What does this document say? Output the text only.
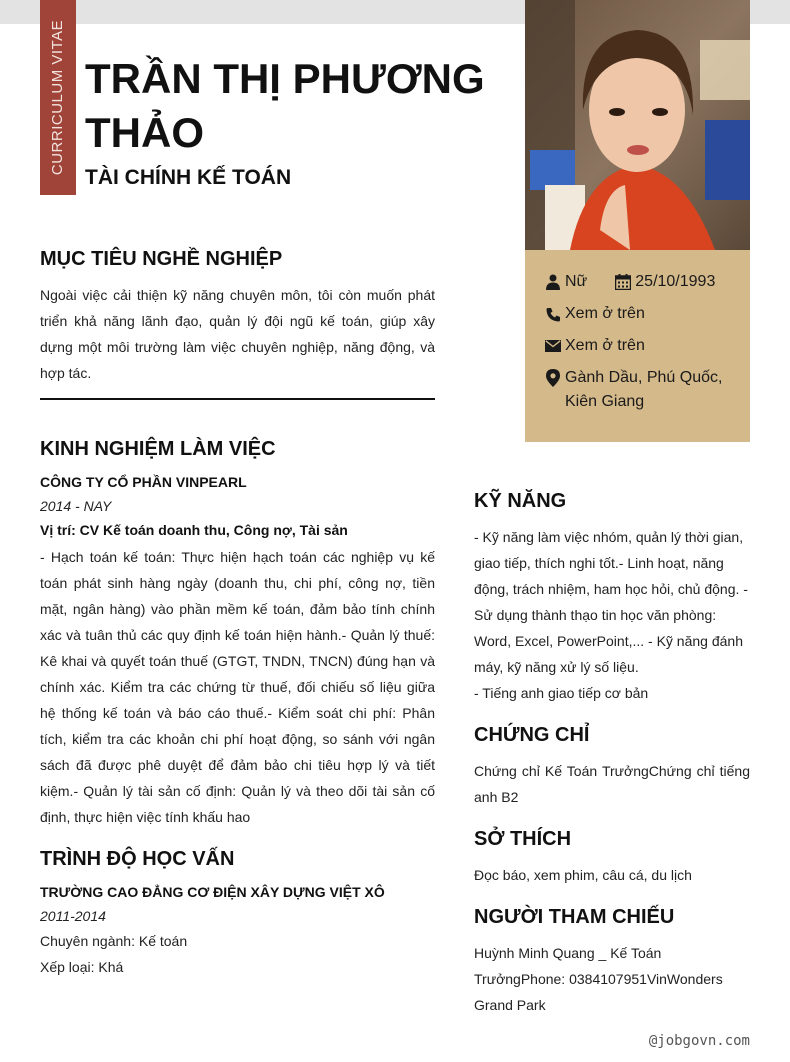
CURRICULUM VITAE TRẦN THỊ PHƯƠNG THẢO
TÀI CHÍNH KẾ TOÁN
Nữ	25/10/1993
Xem ở trên
Xem ở trên
Gành Dầu, Phú Quốc, Kiên Giang
MỤC TIÊU NGHỀ NGHIỆP

Ngoài việc cải thiện kỹ năng chuyên môn, tôi còn muốn phát triển khả năng lãnh đạo, quản lý đội ngũ kế toán, giúp xây dựng một môi trường làm việc chuyên nghiệp, năng động, và hợp tác.

KINH NGHIỆM LÀM VIỆC

CÔNG TY CỔ PHẦN VINPEARL

2014 - NAY

Vị trí: CV Kế toán doanh thu, Công nợ, Tài sản

- Hạch toán kế toán: Thực hiện hạch toán các nghiệp vụ kế toán phát sinh hàng ngày (doanh thu, chi phí, công nợ, tiền mặt, ngân hàng) vào phần mềm kế toán, đảm bảo tính chính xác và tuân thủ các quy định kế toán hiện hành.- Quản lý thuế: Kê khai và quyết toán thuế (GTGT, TNDN, TNCN) đúng hạn và chính xác. Kiểm tra các chứng từ thuế, đối chiếu số liệu giữa hệ thống kế toán và báo cáo thuế.- Kiểm soát chi phí: Phân tích, kiểm tra các khoản chi phí hoạt động, so sánh với ngân sách đã được phê duyệt để đảm bảo chi tiêu hợp lý và tiết kiệm.- Quản lý tài sản cố định: Quản lý và theo dõi tài sản cố định, thực hiện việc tính khấu hao

TRÌNH ĐỘ HỌC VẤN

TRƯỜNG CAO ĐẲNG CƠ ĐIỆN XÂY DỰNG VIỆT XÔ

2011-2014

Chuyên ngành: Kế toán

Xếp loại: Khá

KỸ NĂNG

- Kỹ năng làm việc nhóm, quản lý thời gian, giao tiếp, thích nghi tốt.- Linh hoạt, năng động, trách nhiệm, ham học hỏi, chủ động. - Sử dụng thành thạo tin học văn phòng: Word, Excel, PowerPoint,... - Kỹ năng đánh máy, kỹ năng xử lý số liệu.

- Tiếng anh giao tiếp cơ bản

CHỨNG CHỈ

Chứng chỉ Kế Toán TrưởngChứng chỉ tiếng anh B2

SỞ THÍCH

Đọc báo, xem phim, câu cá, du lịch

NGƯỜI THAM CHIẾU

Huỳnh Minh Quang _ Kế Toán TrưởngPhone: 0384107951VinWonders Grand Park

@jobgovn.com
